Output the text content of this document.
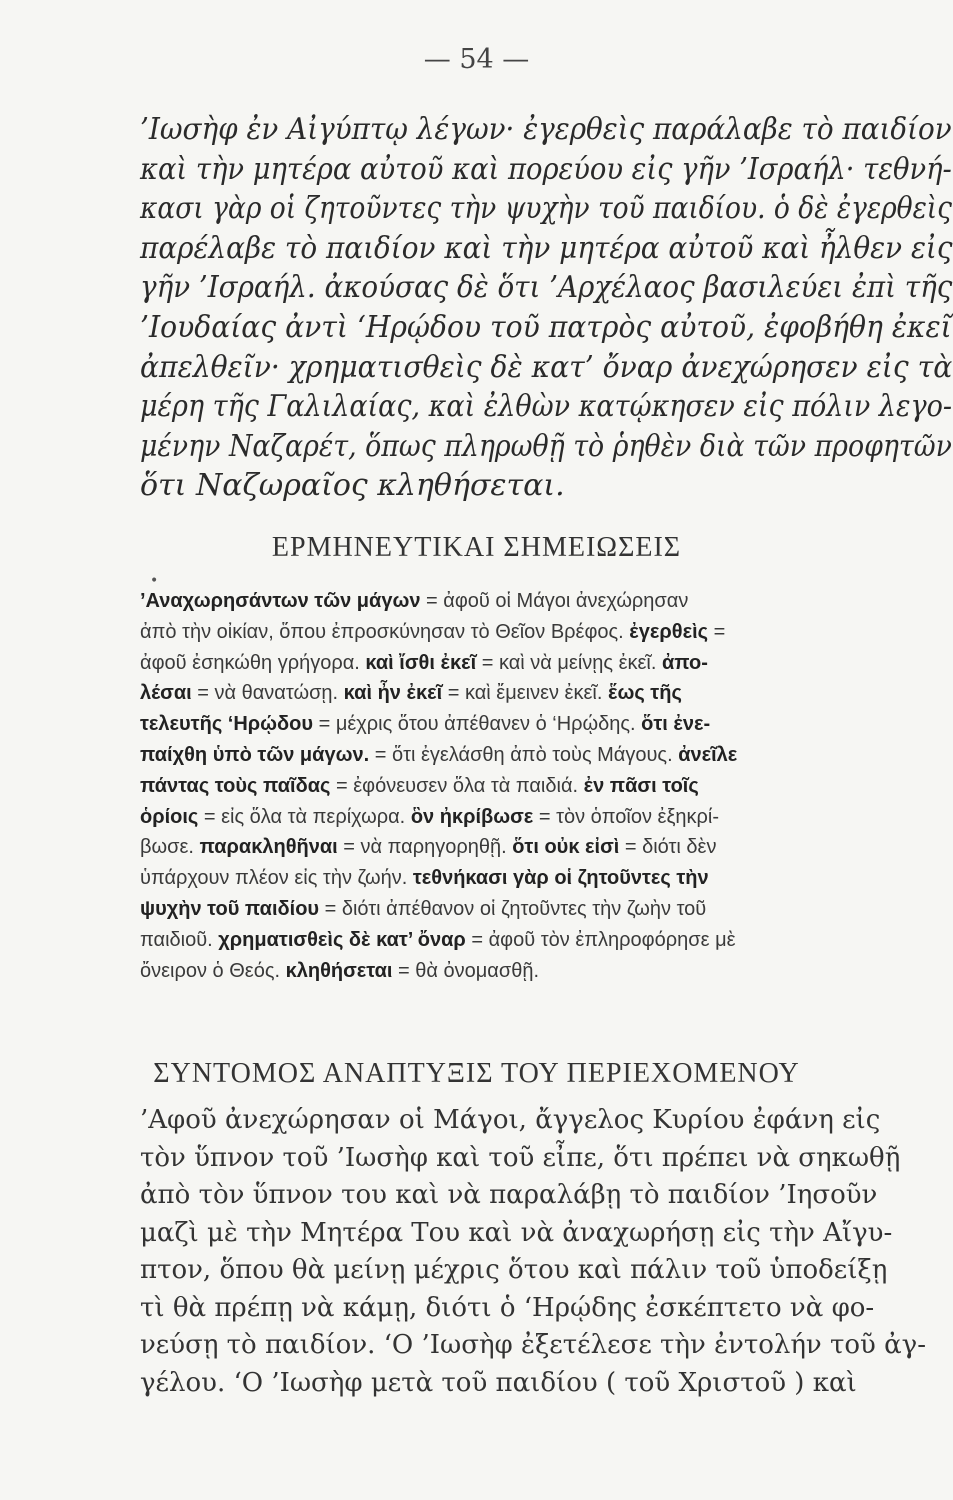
— 54 —
’Ιωσὴφ ἐν Αἰγύπτῳ λέγων· ἐγερθεὶς παράλαβε τὸ παιδίον
καὶ τὴν μητέρα αὐτοῦ καὶ πορεύου εἰς γῆν ’Ισραήλ· τεθνή-
κασι γὰρ οἱ ζητοῦντες τὴν ψυχὴν τοῦ παιδίου. ὁ δὲ ἐγερθεὶς
παρέλαβε τὸ παιδίον καὶ τὴν μητέρα αὐτοῦ καὶ ἦλθεν εἰς
γῆν ’Ισραήλ. ἀκούσας δὲ ὅτι ’Αρχέλαος βασιλεύει ἐπὶ τῆς
’Ιουδαίας ἀντὶ ‘Ηρῴδου τοῦ πατρὸς αὐτοῦ, ἐφοβήθη ἐκεῖ
ἀπελθεῖν· χρηματισθεὶς δὲ κατ’ ὄναρ ἀνεχώρησεν εἰς τὰ
μέρη τῆς Γαλιλαίας, καὶ ἐλθὼν κατῴκησεν εἰς πόλιν λεγο-
μένην Ναζαρέτ, ὅπως πληρωθῇ τὸ ῥηθὲν διὰ τῶν προφητῶν
ὅτι Ναζωραῖος κληθήσεται.
ΕΡΜΗΝΕΥΤΙΚΑΙ ΣΗΜΕΙΩΣΕΙΣ
•
’Αναχωρησάντων τῶν μάγων = ἀφοῦ οἱ Μάγοι ἀνεχώρησαν
ἀπὸ τὴν οἰκίαν, ὅπου ἐπροσκύνησαν τὸ Θεῖον Βρέφος. ἐγερθεὶς =
ἀφοῦ ἐσηκώθη γρήγορα. καὶ ἴσθι ἐκεῖ = καὶ νὰ μείνῃς ἐκεῖ. ἀπο-
λέσαι = νὰ θανατώσῃ. καὶ ἦν ἐκεῖ = καὶ ἔμεινεν ἐκεῖ. ἕως τῆς
τελευτῆς ‘Ηρῴδου = μέχρις ὅτου ἀπέθανεν ὁ ‘Ηρῴδης. ὅτι ἐνε-
παίχθη ὑπὸ τῶν μάγων. = ὅτι ἐγελάσθη ἀπὸ τοὺς Μάγους. ἀνεῖλε
πάντας τοὺς παῖδας = ἐφόνευσεν ὅλα τὰ παιδιά. ἐν πᾶσι τοῖς
ὁρίοις = εἰς ὅλα τὰ περίχωρα. ὃν ἠκρίβωσε = τὸν ὁποῖον ἐξηκρί-
βωσε. παρακληθῆναι = νὰ παρηγορηθῇ. ὅτι οὐκ εἰσὶ = διότι δὲν
ὑπάρχουν πλέον εἰς τὴν ζωήν. τεθνήκασι γὰρ οἱ ζητοῦντες τὴν
ψυχὴν τοῦ παιδίου = διότι ἀπέθανον οἱ ζητοῦντες τὴν ζωὴν τοῦ
παιδιοῦ. χρηματισθεὶς δὲ κατ’ ὄναρ = ἀφοῦ τὸν ἐπληροφόρησε μὲ
ὄνειρον ὁ Θεός. κληθήσεται = θὰ ὀνομασθῇ.
ΣΥΝΤΟΜΟΣ ΑΝΑΠΤΥΞΙΣ ΤΟΥ ΠΕΡΙΕΧΟΜΕΝΟΥ
’Αφοῦ ἀνεχώρησαν οἱ Μάγοι, ἄγγελος Κυρίου ἐφάνη εἰς
τὸν ὕπνον τοῦ ’Ιωσὴφ καὶ τοῦ εἶπε, ὅτι πρέπει νὰ σηκωθῇ
ἀπὸ τὸν ὕπνον του καὶ νὰ παραλάβῃ τὸ παιδίον ’Ιησοῦν
μαζὶ μὲ τὴν Μητέρα Του καὶ νὰ ἀναχωρήσῃ εἰς τὴν Αἴγυ-
πτον, ὅπου θὰ μείνῃ μέχρις ὅτου καὶ πάλιν τοῦ ὑποδείξῃ
τὶ θὰ πρέπῃ νὰ κάμῃ, διότι ὁ ‘Ηρῴδης ἐσκέπτετο νὰ φο-
νεύσῃ τὸ παιδίον. ‘Ο ’Ιωσὴφ ἐξετέλεσε τὴν ἐντολήν τοῦ ἀγ-
γέλου. ‘Ο ’Ιωσὴφ μετὰ τοῦ παιδίου ( τοῦ Χριστοῦ ) καὶ
